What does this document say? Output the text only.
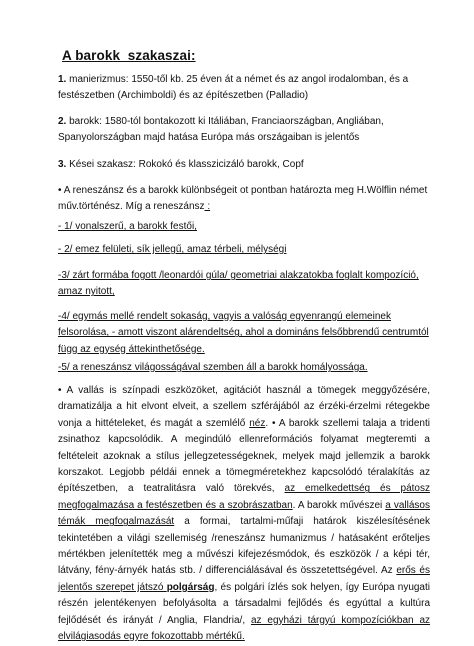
A barokk  szakaszai:

1. manierizmus: 1550-től kb. 25 éven át a német és az angol irodalomban, és a festészetben (Archimboldi) és az építészetben (Palladio)

2. barokk: 1580-tól bontakozott ki Itáliában, Franciaországban, Angliában, Spanyolországban majd hatása Európa más országaiban is jelentős

3. Kései szakasz: Rokokó és klasszicizáló barokk, Copf

• A reneszánsz és a barokk különbségeit ot pontban határozta meg H.Wölflin német műv.történész. Míg a reneszánsz :

- 1/ vonalszerű, a barokk festői,

- 2/ emez felületi, sík jellegű, amaz térbeli, mélységi

-3/ zárt formába fogott /leonardói gúla/ geometriai alakzatokba foglalt kompozíció, amaz nyitott,

-4/ egymás mellé rendelt sokaság, vagyis a valóság egyenrangú elemeinek felsorolása, - amott viszont alárendeltség, ahol a domináns felsőbbrendű centrumtól függ az egység áttekinthetősége.

-5/ a reneszánsz világosságával szemben áll a barokk homályossága.

• A vallás is színpadi eszközöket, agitációt használ a tömegek meggyőzésére, dramatizálja a hit elvont elveit, a szellem szférájából az érzéki-érzelmi rétegekbe vonja a hittételeket, és magát a szemlélő néz. • A barokk szellemi talaja a tridenti zsinathoz kapcsolódik. A megindúló ellenreformációs folyamat megteremti a feltételeit azoknak a stílus jellegzetességeknek, melyek majd jellemzik a barokk korszakot. Legjobb példái ennek a tömegméretekhez kapcsolódó téralakítás az építészetben, a teatralitásra való törekvés, az emelkedettség és pátosz megfogalmazása a festészetben és a szobrászatban. A barokk művészei a vallásos témák megfogalmazását a formai, tartalmi-műfaji határok kiszélesítésének tekintetében a világi szellemiség /reneszánsz humanizmus / hatásaként erőteljes mértékben jelenítették meg a művészi kifejezésmódok, és eszközök / a képi tér, látvány, fény-árnyék hatás stb. / differenciálásával és összetettségével. Az erős és jelentős szerepet játszó polgárság, és polgári ízlés sok helyen, így Európa nyugati részén jelentékenyen befolyásolta a társadalmi fejlődés és egyúttal a kultúra fejlődését és irányát / Anglia, Flandria/, az egyházi tárgyú kompozíciókban az elvilágiasodás egyre fokozottabb mértékű.
